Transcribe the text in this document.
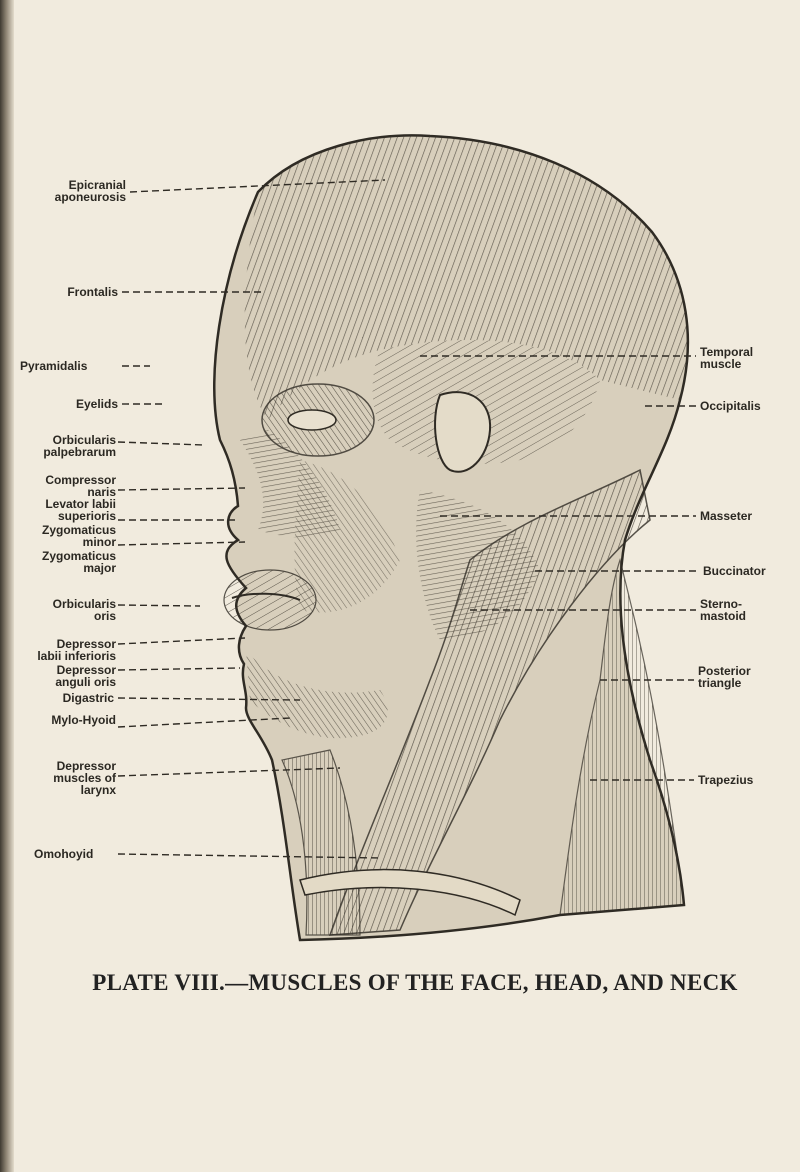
Epicranial
aponeurosis
Frontalis
Pyramidalis
Eyelids
Orbicularis
palpebrarum
Compressor
naris
Levator labii
superioris
Zygomaticus
minor
Zygomaticus
major
Orbicularis
oris
Depressor
labii inferioris
Depressor
anguli oris
Digastric
Mylo-Hyoid
Depressor
muscles of
larynx
Omohoyid
Temporal
muscle
Occipitalis
Masseter
Buccinator
Sterno-
mastoid
Posterior
triangle
Trapezius
PLATE VIII.—MUSCLES OF THE FACE, HEAD, AND NECK
